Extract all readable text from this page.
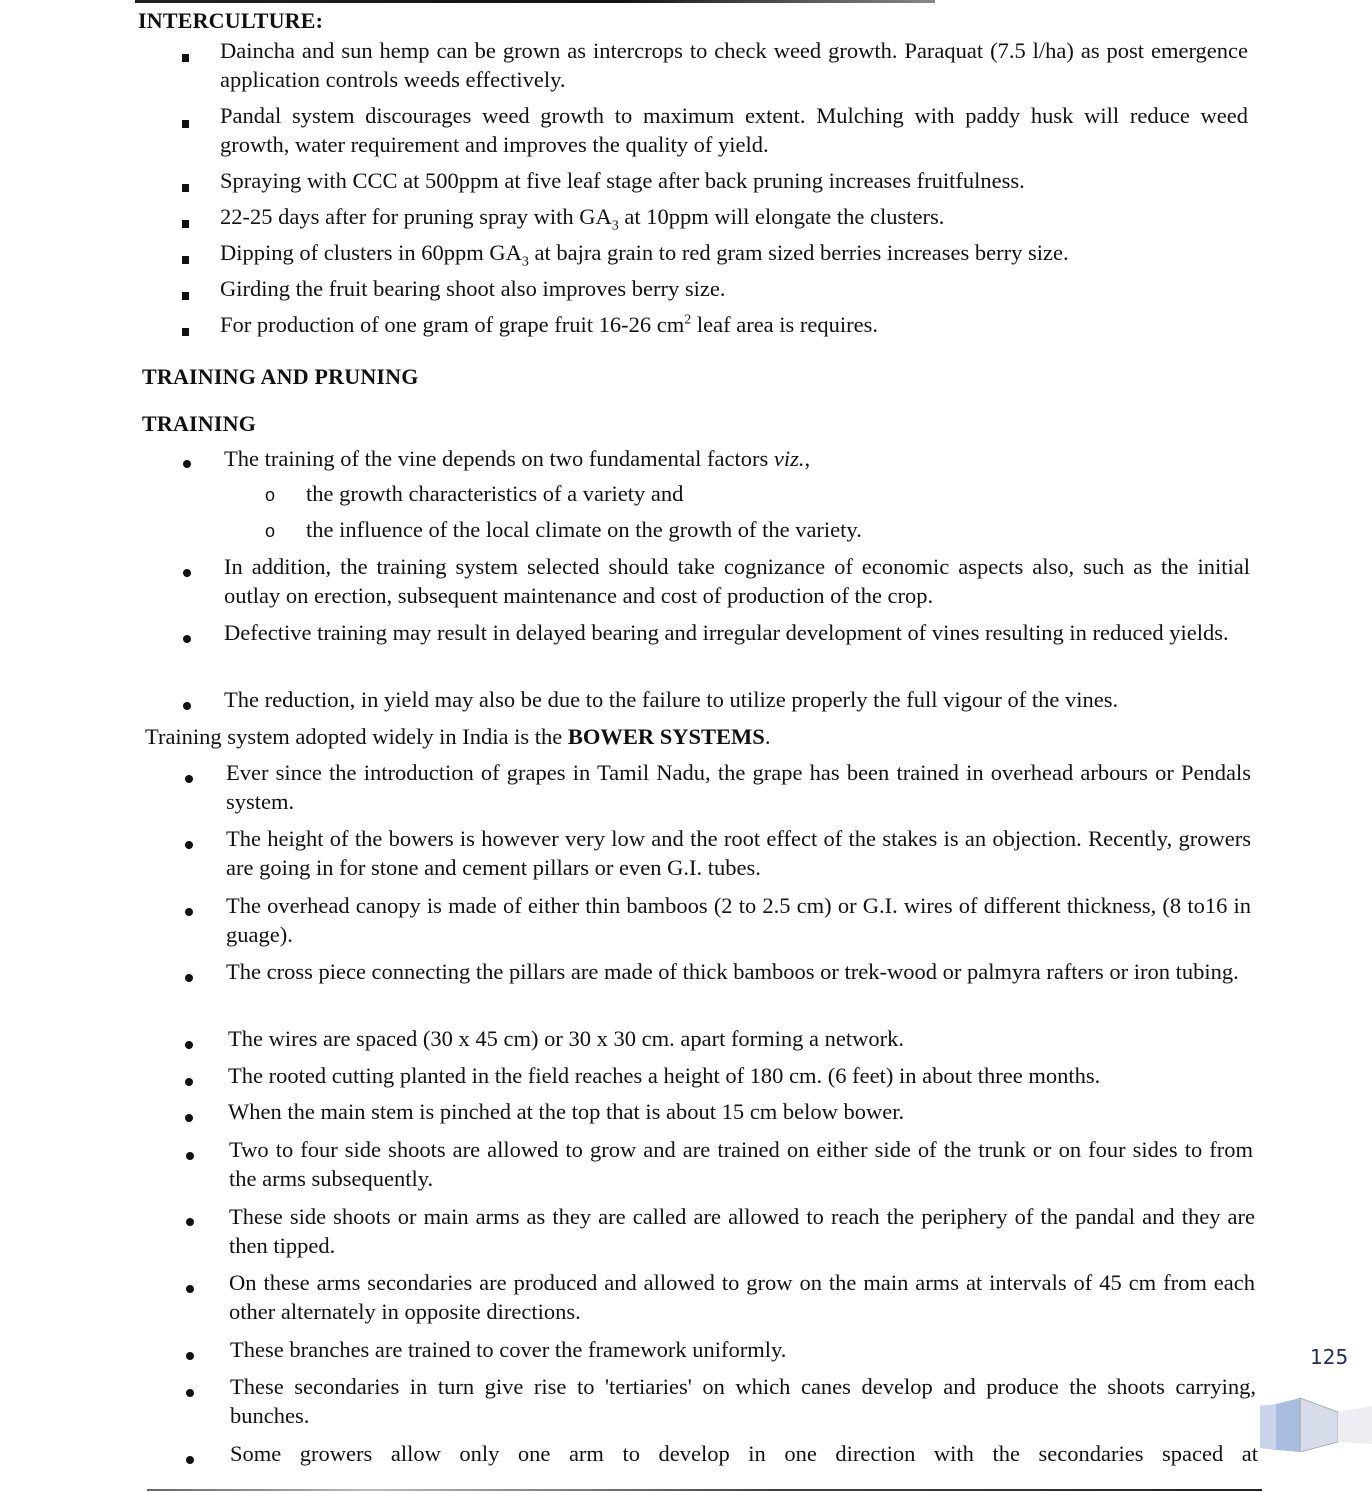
INTERCULTURE:
Daincha and sun hemp can be grown as intercrops to check weed growth. Paraquat (7.5 l/ha) as post emergence application controls weeds effectively.
Pandal system discourages weed growth to maximum extent. Mulching with paddy husk will reduce weed growth, water requirement and improves the quality of yield.
Spraying with CCC at 500ppm at five leaf stage after back pruning increases fruitfulness.
22-25 days after for pruning spray with $GA_3$ at 10ppm will elongate the clusters.
Dipping of clusters in 60ppm $GA_3$ at bajra grain to red gram sized berries increases berry size.
Girding the fruit bearing shoot also improves berry size.
For production of one gram of grape fruit 16-26 $cm^2$ leaf area is requires.
TRAINING AND PRUNING
TRAINING
The training of the vine depends on two fundamental factors viz.,
o the growth characteristics of a variety and
o the influence of the local climate on the growth of the variety.
In addition, the training system selected should take cognizance of economic aspects also, such as the initial outlay on erection, subsequent maintenance and cost of production of the crop.
Defective training may result in delayed bearing and irregular development of vines resulting in reduced yields.
The reduction, in yield may also be due to the failure to utilize properly the full vigour of the vines.
Training system adopted widely in India is the BOWER SYSTEMS.
Ever since the introduction of grapes in Tamil Nadu, the grape has been trained in overhead arbours or Pendals system.
The height of the bowers is however very low and the root effect of the stakes is an objection. Recently, growers are going in for stone and cement pillars or even G.I. tubes.
The overhead canopy is made of either thin bamboos (2 to 2.5 cm) or G.I. wires of different thickness, (8 to16 in guage).
The cross piece connecting the pillars are made of thick bamboos or trek-wood or palmyra rafters or iron tubing.
The wires are spaced (30 x 45 cm) or 30 x 30 cm. apart forming a network.
The rooted cutting planted in the field reaches a height of 180 cm. (6 feet) in about three months.
When the main stem is pinched at the top that is about 15 cm below bower.
Two to four side shoots are allowed to grow and are trained on either side of the trunk or on four sides to from the arms subsequently.
These side shoots or main arms as they are called are allowed to reach the periphery of the pandal and they are then tipped.
On these arms secondaries are produced and allowed to grow on the main arms at intervals of 45 cm from each other alternately in opposite directions.
These branches are trained to cover the framework uniformly.
These secondaries in turn give rise to 'tertiaries' on which canes develop and produce the shoots carrying, bunches.
Some growers allow only one arm to develop in one direction with the secondaries spaced at
125
